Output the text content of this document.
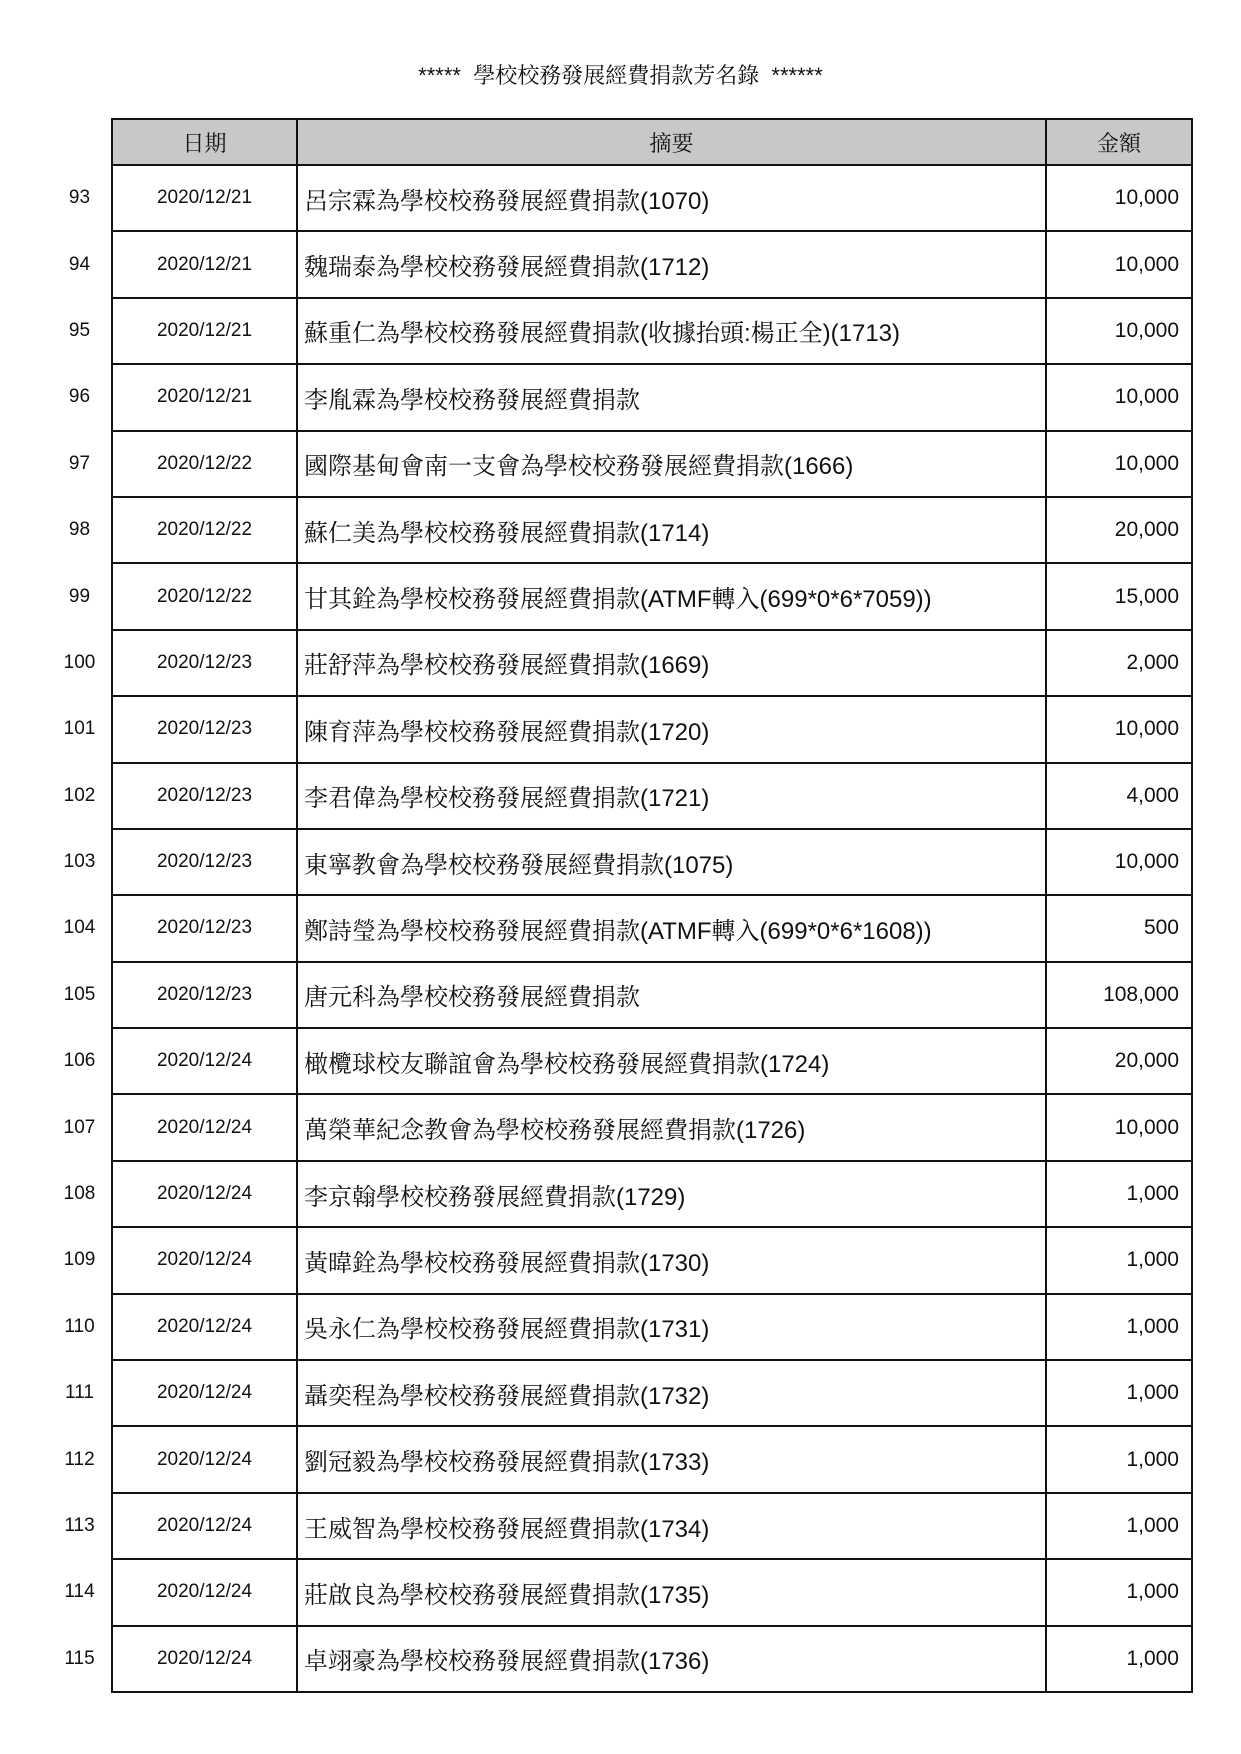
*****  學校校務發展經費捐款芳名錄  ******
	日期	摘要	金額
93	2020/12/21	呂宗霖為學校校務發展經費捐款(1070)	10,000
94	2020/12/21	魏瑞泰為學校校務發展經費捐款(1712)	10,000
95	2020/12/21	蘇重仁為學校校務發展經費捐款(收據抬頭:楊正全)(1713)	10,000
96	2020/12/21	李胤霖為學校校務發展經費捐款	10,000
97	2020/12/22	國際基甸會南一支會為學校校務發展經費捐款(1666)	10,000
98	2020/12/22	蘇仁美為學校校務發展經費捐款(1714)	20,000
99	2020/12/22	甘其銓為學校校務發展經費捐款(ATMF轉入(699*0*6*7059))	15,000
100	2020/12/23	莊舒萍為學校校務發展經費捐款(1669)	2,000
101	2020/12/23	陳育萍為學校校務發展經費捐款(1720)	10,000
102	2020/12/23	李君偉為學校校務發展經費捐款(1721)	4,000
103	2020/12/23	東寧教會為學校校務發展經費捐款(1075)	10,000
104	2020/12/23	鄭詩瑩為學校校務發展經費捐款(ATMF轉入(699*0*6*1608))	500
105	2020/12/23	唐元科為學校校務發展經費捐款	108,000
106	2020/12/24	橄欖球校友聯誼會為學校校務發展經費捐款(1724)	20,000
107	2020/12/24	萬榮華紀念教會為學校校務發展經費捐款(1726)	10,000
108	2020/12/24	李京翰學校校務發展經費捐款(1729)	1,000
109	2020/12/24	黃暐銓為學校校務發展經費捐款(1730)	1,000
110	2020/12/24	吳永仁為學校校務發展經費捐款(1731)	1,000
111	2020/12/24	聶奕程為學校校務發展經費捐款(1732)	1,000
112	2020/12/24	劉冠毅為學校校務發展經費捐款(1733)	1,000
113	2020/12/24	王威智為學校校務發展經費捐款(1734)	1,000
114	2020/12/24	莊啟良為學校校務發展經費捐款(1735)	1,000
115	2020/12/24	卓翊豪為學校校務發展經費捐款(1736)	1,000
